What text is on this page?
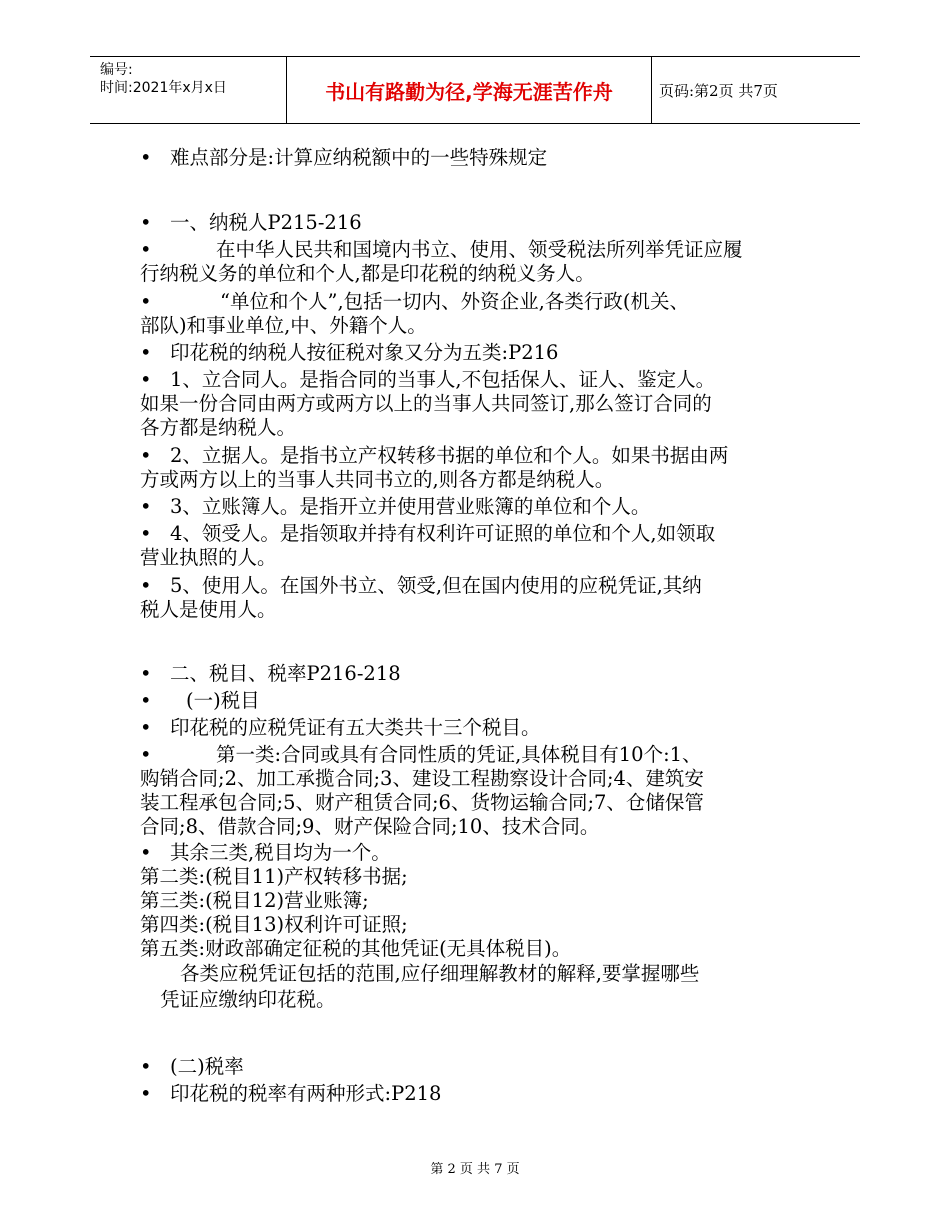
编号:
时间:2021年x月x日	书山有路勤为径,学海无涯苦作舟	页码:第2页 共7页
• 难点部分是:计算应纳税额中的一些特殊规定
• 一、纳税人P215-216
•	在中华人民共和国境内书立、使用、领受税法所列举凭证应履
行纳税义务的单位和个人,都是印花税的纳税义务人。
•	“单位和个人”,包括一切内、外资企业,各类行政(机关、
部队)和事业单位,中、外籍个人。
• 印花税的纳税人按征税对象又分为五类:P216
• 1、立合同人。是指合同的当事人,不包括保人、证人、鉴定人。
如果一份合同由两方或两方以上的当事人共同签订,那么签订合同的
各方都是纳税人。
• 2、立据人。是指书立产权转移书据的单位和个人。如果书据由两
方或两方以上的当事人共同书立的,则各方都是纳税人。
• 3、立账簿人。是指开立并使用营业账簿的单位和个人。
• 4、领受人。是指领取并持有权利许可证照的单位和个人,如领取
营业执照的人。
• 5、使用人。在国外书立、领受,但在国内使用的应税凭证,其纳
税人是使用人。
• 二、税目、税率P216-218
• (一)税目
• 印花税的应税凭证有五大类共十三个税目。
•	第一类:合同或具有合同性质的凭证,具体税目有10个:1、
购销合同;2、加工承揽合同;3、建设工程勘察设计合同;4、建筑安
装工程承包合同;5、财产租赁合同;6、货物运输合同;7、仓储保管
合同;8、借款合同;9、财产保险合同;10、技术合同。
• 其余三类,税目均为一个。
第二类:(税目11)产权转移书据;
第三类:(税目12)营业账簿;
第四类:(税目13)权利许可证照;
第五类:财政部确定征税的其他凭证(无具体税目)。
各类应税凭证包括的范围,应仔细理解教材的解释,要掌握哪些
凭证应缴纳印花税。
• (二)税率
• 印花税的税率有两种形式:P218
第 2 页 共 7 页
